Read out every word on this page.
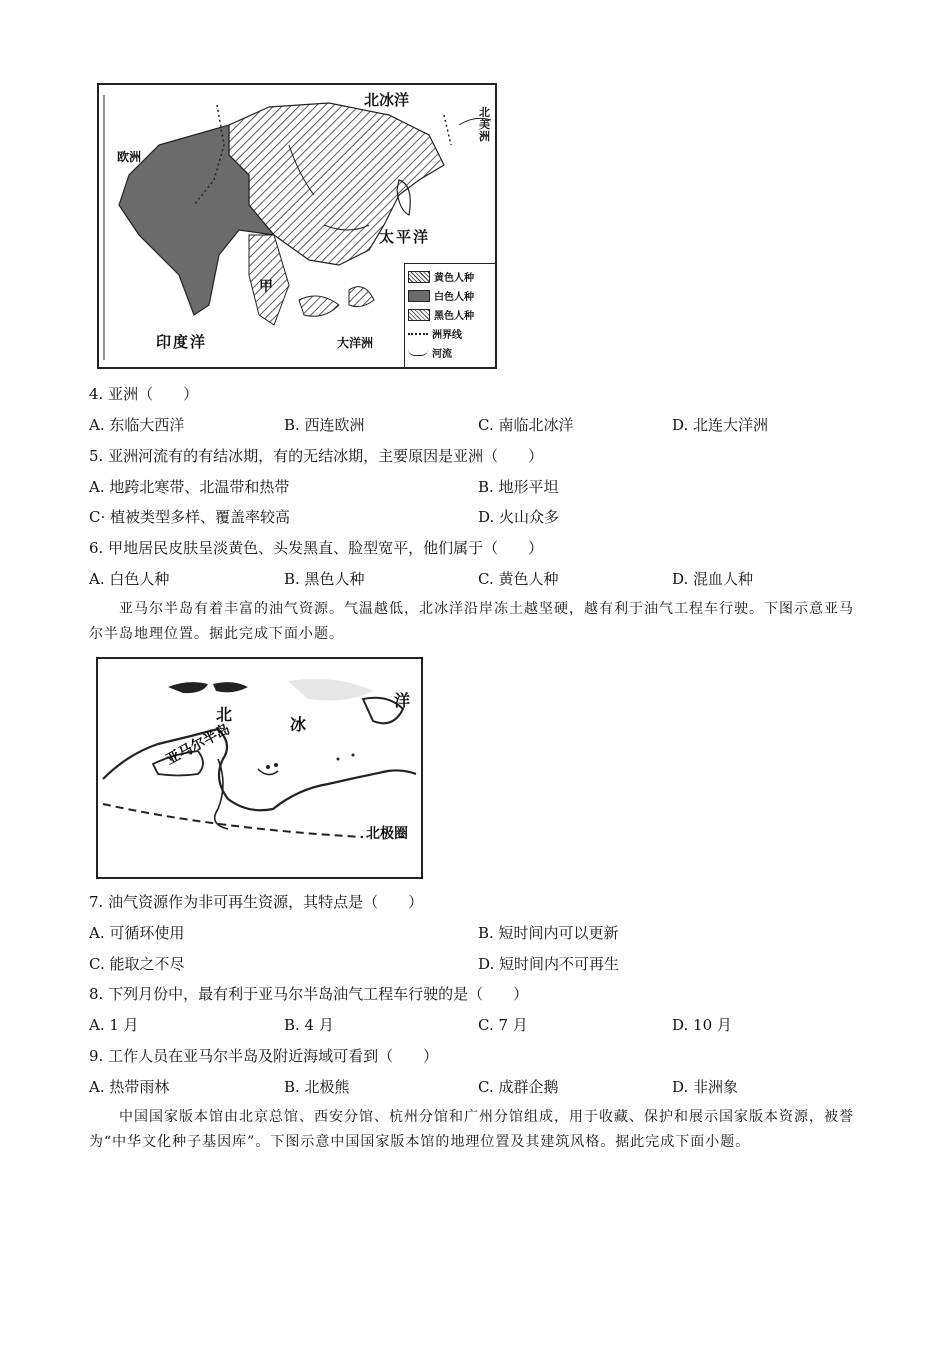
北冰洋
北美洲
欧洲
太平洋
甲
印度洋	大洋洲
黄色人种
白色人种
黑色人种
洲界线
河流
4. 亚洲（　　）
A. 东临大西洋	B. 西连欧洲	C. 南临北冰洋	D. 北连大洋洲
5. 亚洲河流有的有结冰期，有的无结冰期，主要原因是亚洲（　　）
A. 地跨北寒带、北温带和热带	B. 地形平坦
C· 植被类型多样、覆盖率较高	D. 火山众多
6. 甲地居民皮肤呈淡黄色、头发黑直、脸型宽平，他们属于（　　）
A. 白色人种	B. 黑色人种	C. 黄色人种	D. 混血人种
亚马尔半岛有着丰富的油气资源。气温越低，北冰洋沿岸冻土越坚硬，越有利于油气工程车行驶。下图示意亚马尔半岛地理位置。据此完成下面小题。
北
冰
洋
亚马尔半岛
北极圈
7. 油气资源作为非可再生资源，其特点是（　　）
A. 可循环使用	B. 短时间内可以更新
C. 能取之不尽	D. 短时间内不可再生
8. 下列月份中，最有利于亚马尔半岛油气工程车行驶的是（　　）
A. 1 月	B. 4 月	C. 7 月	D. 10 月
9. 工作人员在亚马尔半岛及附近海域可看到（　　）
A. 热带雨林	B. 北极熊	C. 成群企鹅	D. 非洲象
中国国家版本馆由北京总馆、西安分馆、杭州分馆和广州分馆组成，用于收藏、保护和展示国家版本资源，被誉为“中华文化种子基因库”。下图示意中国国家版本馆的地理位置及其建筑风格。据此完成下面小题。
